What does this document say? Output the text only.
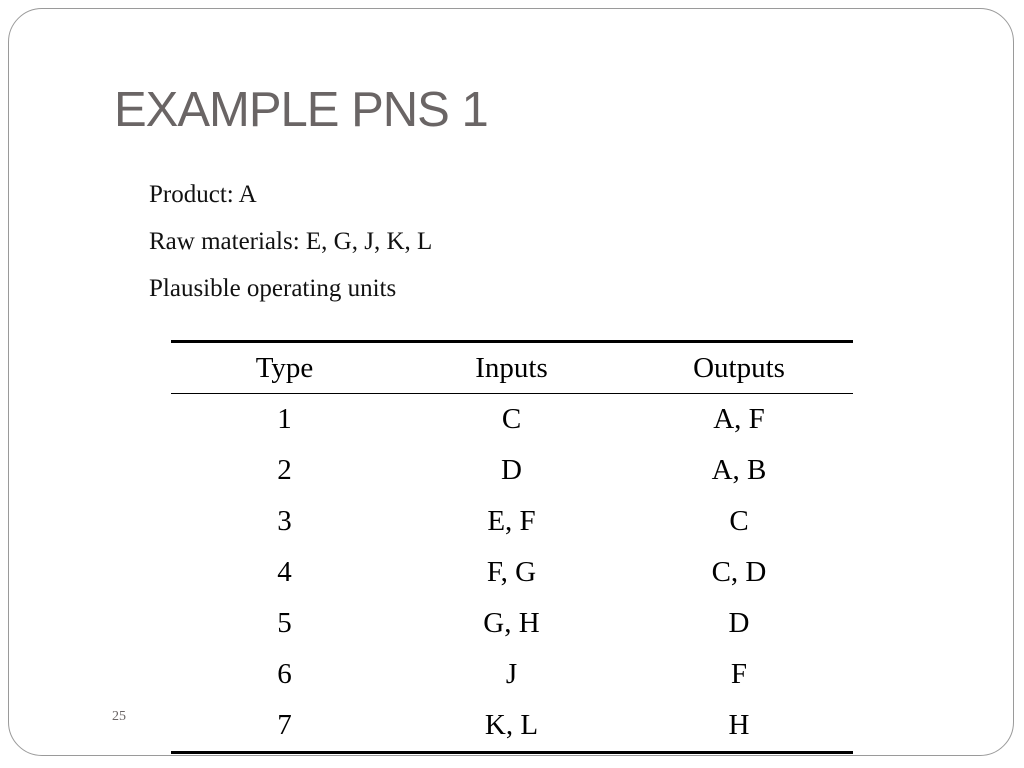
EXAMPLE PNS 1
Product: A
Raw materials: E, G, J, K, L
Plausible operating units
Type	Inputs	Outputs
1	C	A, F
2	D	A, B
3	E, F	C
4	F, G	C, D
5	G, H	D
6	J	F
7	K, L	H
25
